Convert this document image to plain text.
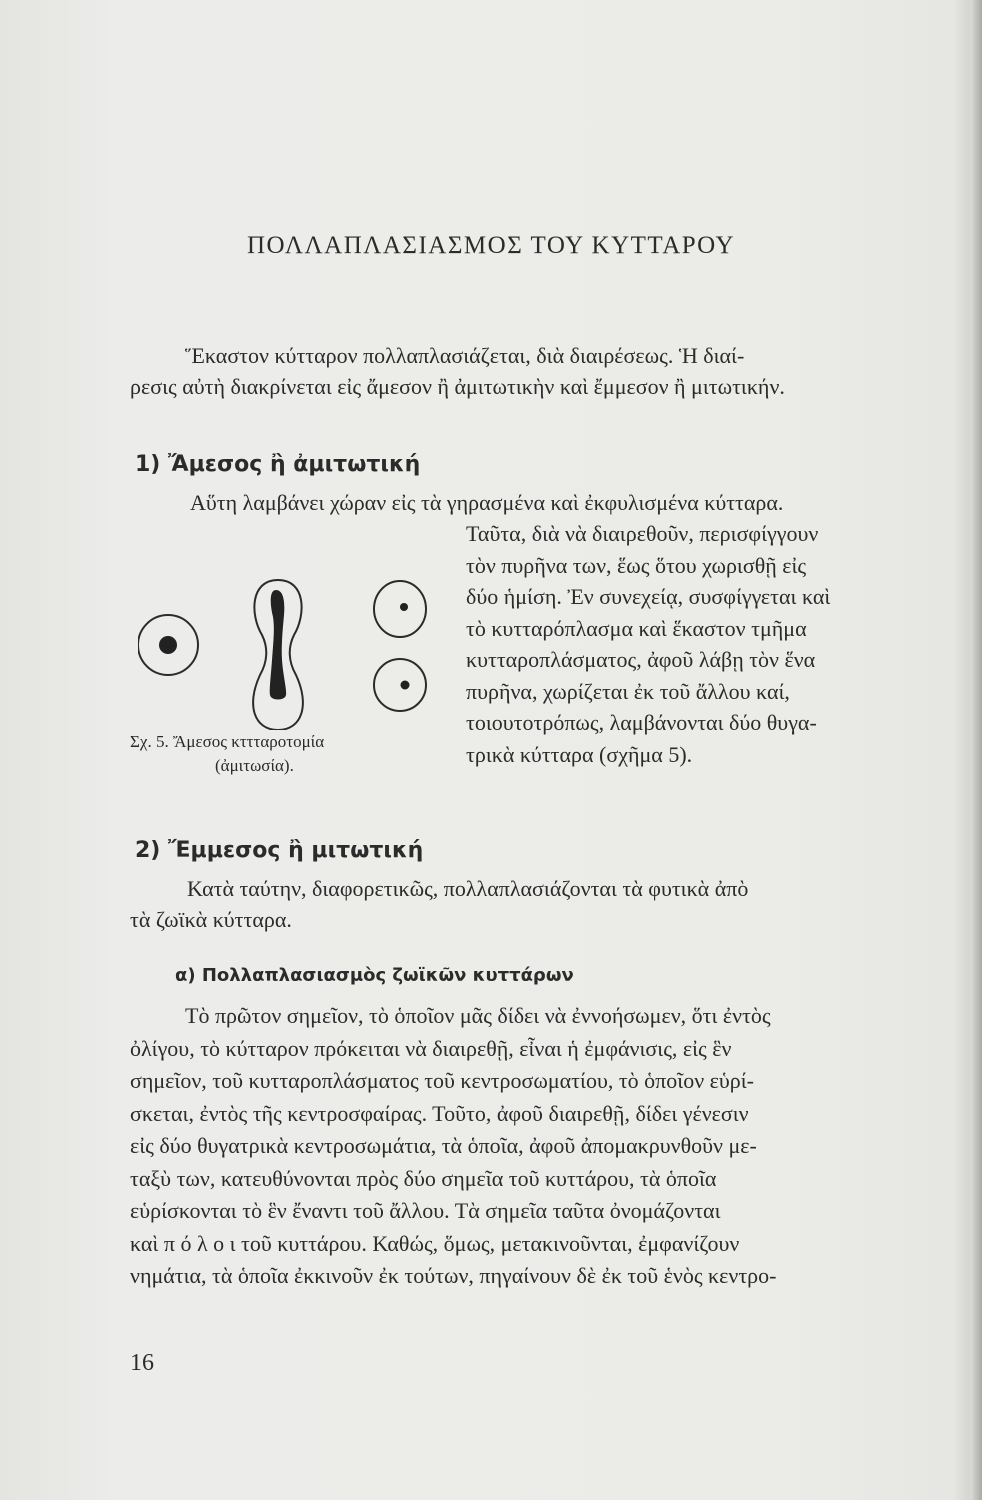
ΠΟΛΛΑΠΛΑΣΙΑΣΜΟΣ ΤΟΥ ΚΥΤΤΑΡΟΥ
Ἕκαστον κύτταρον πολλαπλασιάζεται, διὰ διαιρέσεως. Ἡ διαί-
ρεσις αὐτὴ διακρίνεται εἰς ἄμεσον ἢ ἀμιτωτικὴν καὶ ἔμμεσον ἢ μιτωτικήν.
1) Ἄμεσος ἢ ἀμιτωτική
Αὕτη λαμβάνει χώραν εἰς τὰ γηρασμένα καὶ ἐκφυλισμένα κύτταρα.
Ταῦτα, διὰ νὰ διαιρεθοῦν, περισφίγγουν
τὸν πυρῆνα των, ἕως ὅτου χωρισθῇ εἰς
δύο ἡμίση. Ἐν συνεχείᾳ, συσφίγγεται καὶ
τὸ κυτταρόπλασμα καὶ ἕκαστον τμῆμα
κυτταροπλάσματος, ἀφοῦ λάβῃ τὸν ἕνα
πυρῆνα, χωρίζεται ἐκ τοῦ ἄλλου καί,
τοιουτοτρόπως, λαμβάνονται δύο θυγα-
τρικὰ κύτταρα (σχῆμα 5).
Σχ. 5. Ἄμεσος κττταροτομία
(ἀμιτωσία).
2) Ἔμμεσος ἢ μιτωτική
Κατὰ ταύτην, διαφορετικῶς, πολλαπλασιάζονται τὰ φυτικὰ ἀπὸ
τὰ ζωϊκὰ κύτταρα.
α) Πολλαπλασιασμὸς ζωϊκῶν κυττάρων
Τὸ πρῶτον σημεῖον, τὸ ὁποῖον μᾶς δίδει νὰ ἐννοήσωμεν, ὅτι ἐντὸς
ὀλίγου, τὸ κύτταρον πρόκειται νὰ διαιρεθῇ, εἶναι ἡ ἐμφάνισις, εἰς ἓν
σημεῖον, τοῦ κυτταροπλάσματος τοῦ κεντροσωματίου, τὸ ὁποῖον εὑρί-
σκεται, ἐντὸς τῆς κεντροσφαίρας. Τοῦτο, ἀφοῦ διαιρεθῇ, δίδει γένεσιν
εἰς δύο θυγατρικὰ κεντροσωμάτια, τὰ ὁποῖα, ἀφοῦ ἀπομακρυνθοῦν με-
ταξὺ των, κατευθύνονται πρὸς δύο σημεῖα τοῦ κυττάρου, τὰ ὁποῖα
εὑρίσκονται τὸ ἓν ἔναντι τοῦ ἄλλου. Τὰ σημεῖα ταῦτα ὀνομάζονται
καὶ π ό λ ο ι τοῦ κυττάρου. Καθώς, ὅμως, μετακινοῦνται, ἐμφανίζουν
νημάτια, τὰ ὁποῖα ἐκκινοῦν ἐκ τούτων, πηγαίνουν δὲ ἐκ τοῦ ἑνὸς κεντρο-
16
